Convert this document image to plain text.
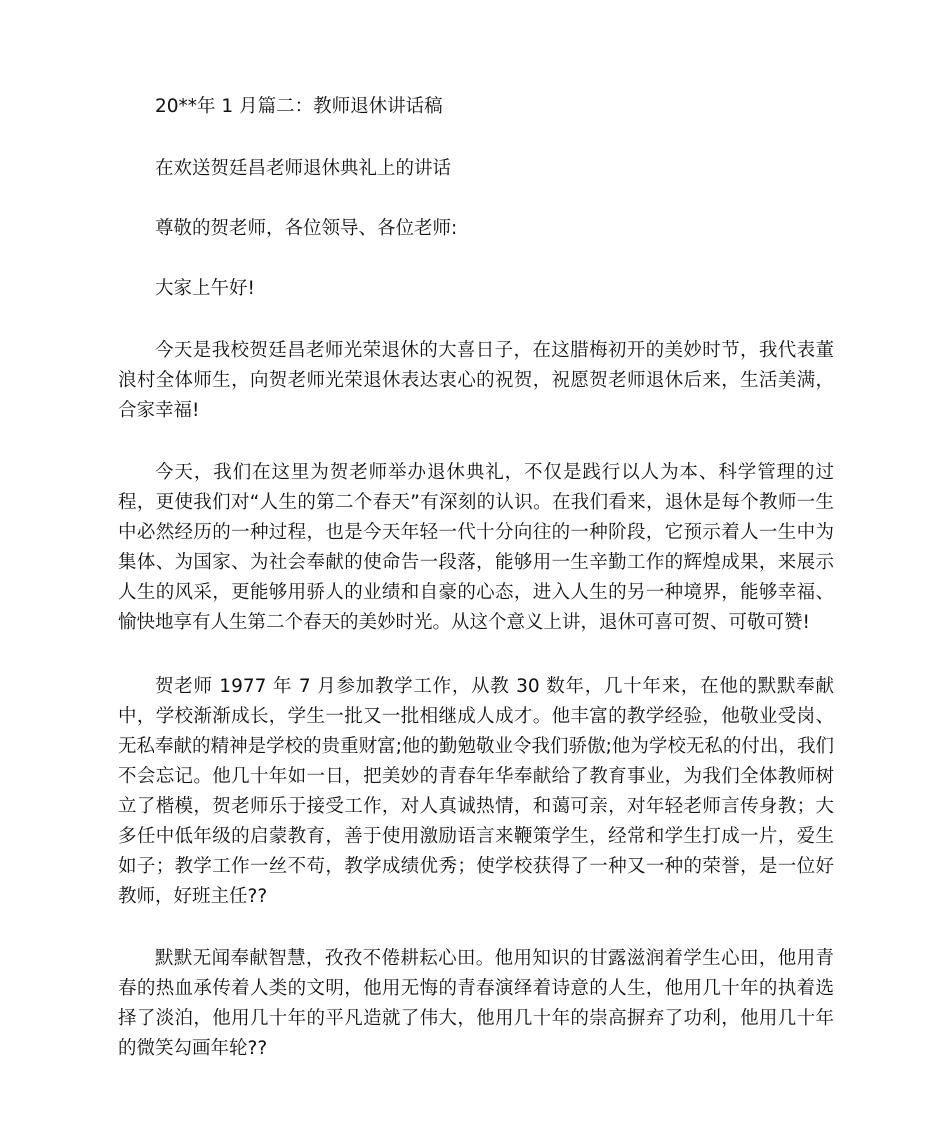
20**年 1 月篇二：教师退休讲话稿

在欢送贺廷昌老师退休典礼上的讲话

尊敬的贺老师，各位领导、各位老师:

大家上午好!

今天是我校贺廷昌老师光荣退休的大喜日子，在这腊梅初开的美妙时节，我代表董浪村全体师生，向贺老师光荣退休表达衷心的祝贺，祝愿贺老师退休后来，生活美满，合家幸福!

今天，我们在这里为贺老师举办退休典礼，不仅是践行以人为本、科学管理的过程，更使我们对“人生的第二个春天”有深刻的认识。在我们看来，退休是每个教师一生中必然经历的一种过程，也是今天年轻一代十分向往的一种阶段，它预示着人一生中为集体、为国家、为社会奉献的使命告一段落，能够用一生辛勤工作的辉煌成果，来展示人生的风采，更能够用骄人的业绩和自豪的心态，进入人生的另一种境界，能够幸福、愉快地享有人生第二个春天的美妙时光。从这个意义上讲，退休可喜可贺、可敬可赞!

贺老师 1977 年 7 月参加教学工作，从教 30 数年，几十年来，在他的默默奉献中，学校渐渐成长，学生一批又一批相继成人成才。他丰富的教学经验，他敬业受岗、无私奉献的精神是学校的贵重财富;他的勤勉敬业令我们骄傲;他为学校无私的付出，我们不会忘记。他几十年如一日，把美妙的青春年华奉献给了教育事业，为我们全体教师树立了楷模，贺老师乐于接受工作，对人真诚热情，和蔼可亲，对年轻老师言传身教；大多任中低年级的启蒙教育，善于使用激励语言来鞭策学生，经常和学生打成一片，爱生如子；教学工作一丝不苟，教学成绩优秀；使学校获得了一种又一种的荣誉，是一位好教师，好班主任??

默默无闻奉献智慧，孜孜不倦耕耘心田。他用知识的甘露滋润着学生心田，他用青春的热血承传着人类的文明，他用无悔的青春演绎着诗意的人生，他用几十年的执着选择了淡泊，他用几十年的平凡造就了伟大，他用几十年的崇高摒弃了功利，他用几十年的微笑勾画年轮??
